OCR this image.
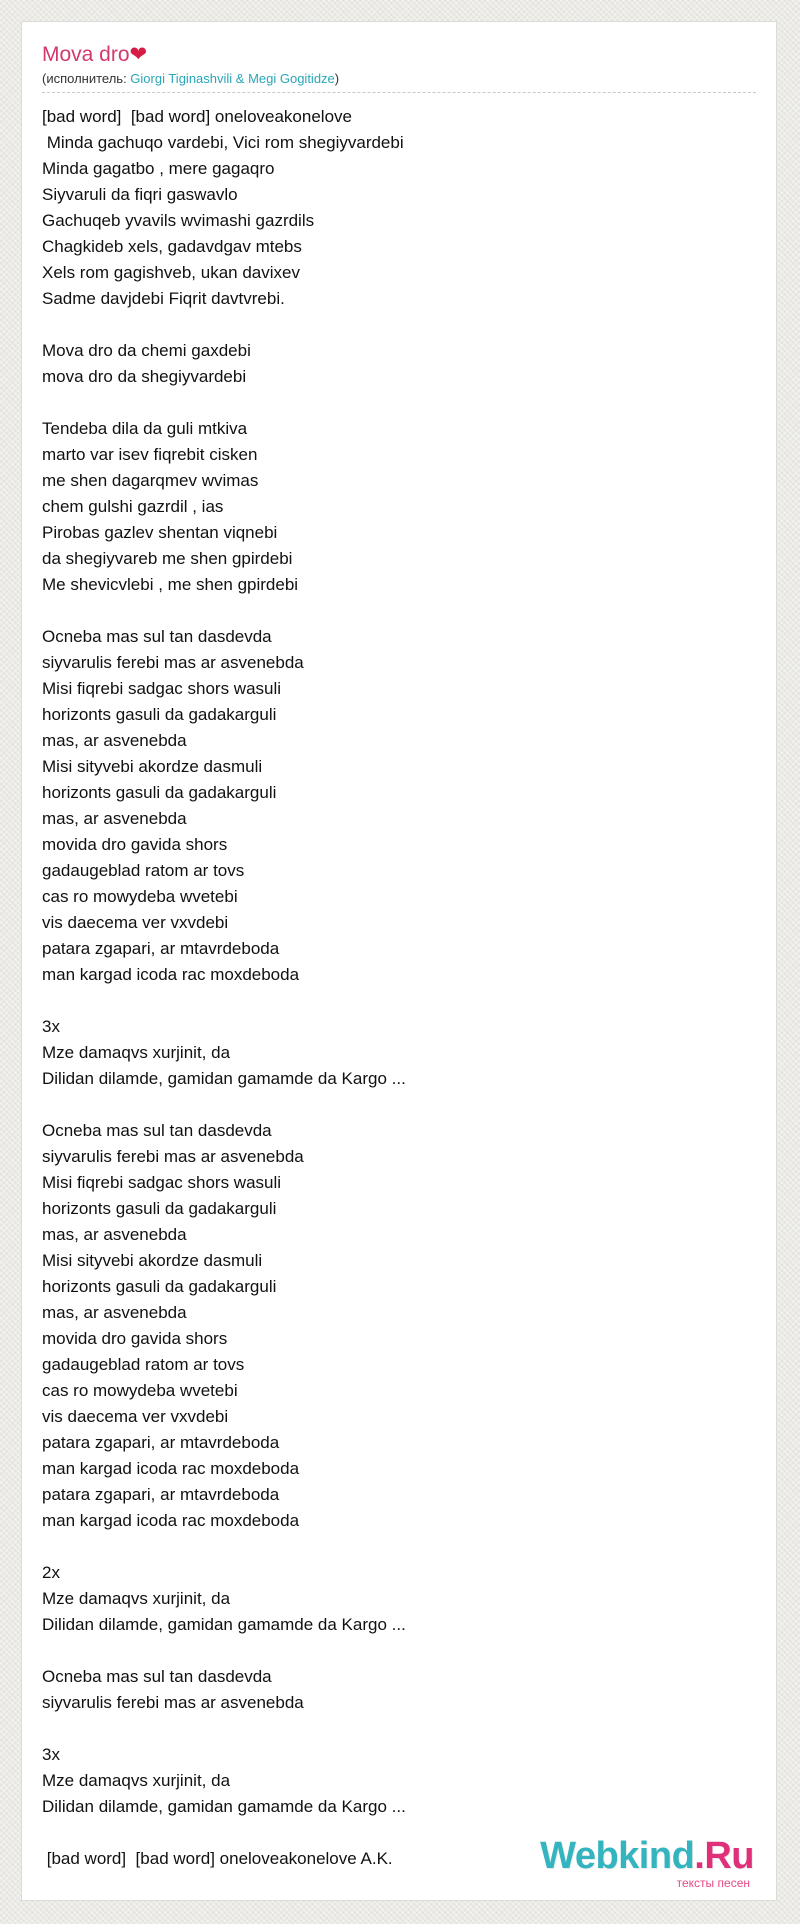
Mova dro❤
(исполнитель: Giorgi Tiginashvili & Megi Gogitidze)
[bad word]  [bad word] oneloveakonelove
Minda gachuqo vardebi, Vici rom shegiyvardebi
Minda gagatbo , mere gagaqro
Siyvaruli da fiqri gaswavlo
Gachuqeb yvavils wvimashi gazrdils
Chagkideb xels, gadavdgav mtebs
Xels rom gagishveb, ukan davixev
Sadme davjdebi Fiqrit davtvrebi.

Mova dro da chemi gaxdebi
mova dro da shegiyvardebi

Tendeba dila da guli mtkiva
marto var isev fiqrebit cisken
me shen dagarqmev wvimas
chem gulshi gazrdil , ias
Pirobas gazlev shentan viqnebi
da shegiyvareb me shen gpirdebi
Me shevicvlebi , me shen gpirdebi

Ocneba mas sul tan dasdevda
siyvarulis ferebi mas ar asvenebda
Misi fiqrebi sadgac shors wasuli
horizonts gasuli da gadakarguli
mas, ar asvenebda
Misi sityvebi akordze dasmuli
horizonts gasuli da gadakarguli
mas, ar asvenebda
movida dro gavida shors
gadaugeblad ratom ar tovs
cas ro mowydeba wvetebi
vis daecema ver vxvdebi
patara zgapari, ar mtavrdeboda
man kargad icoda rac moxdeboda

3x
Mze damaqvs xurjinit, da
Dilidan dilamde, gamidan gamamde da Kargo ...

Ocneba mas sul tan dasdevda
siyvarulis ferebi mas ar asvenebda
Misi fiqrebi sadgac shors wasuli
horizonts gasuli da gadakarguli
mas, ar asvenebda
Misi sityvebi akordze dasmuli
horizonts gasuli da gadakarguli
mas, ar asvenebda
movida dro gavida shors
gadaugeblad ratom ar tovs
cas ro mowydeba wvetebi
vis daecema ver vxvdebi
patara zgapari, ar mtavrdeboda
man kargad icoda rac moxdeboda
patara zgapari, ar mtavrdeboda
man kargad icoda rac moxdeboda

2x
Mze damaqvs xurjinit, da
Dilidan dilamde, gamidan gamamde da Kargo ...

Ocneba mas sul tan dasdevda
siyvarulis ferebi mas ar asvenebda

3x
Mze damaqvs xurjinit, da
Dilidan dilamde, gamidan gamamde da Kargo ...

[bad word]  [bad word] oneloveakonelove A.K.	Webkind.Ru
тексты песен
